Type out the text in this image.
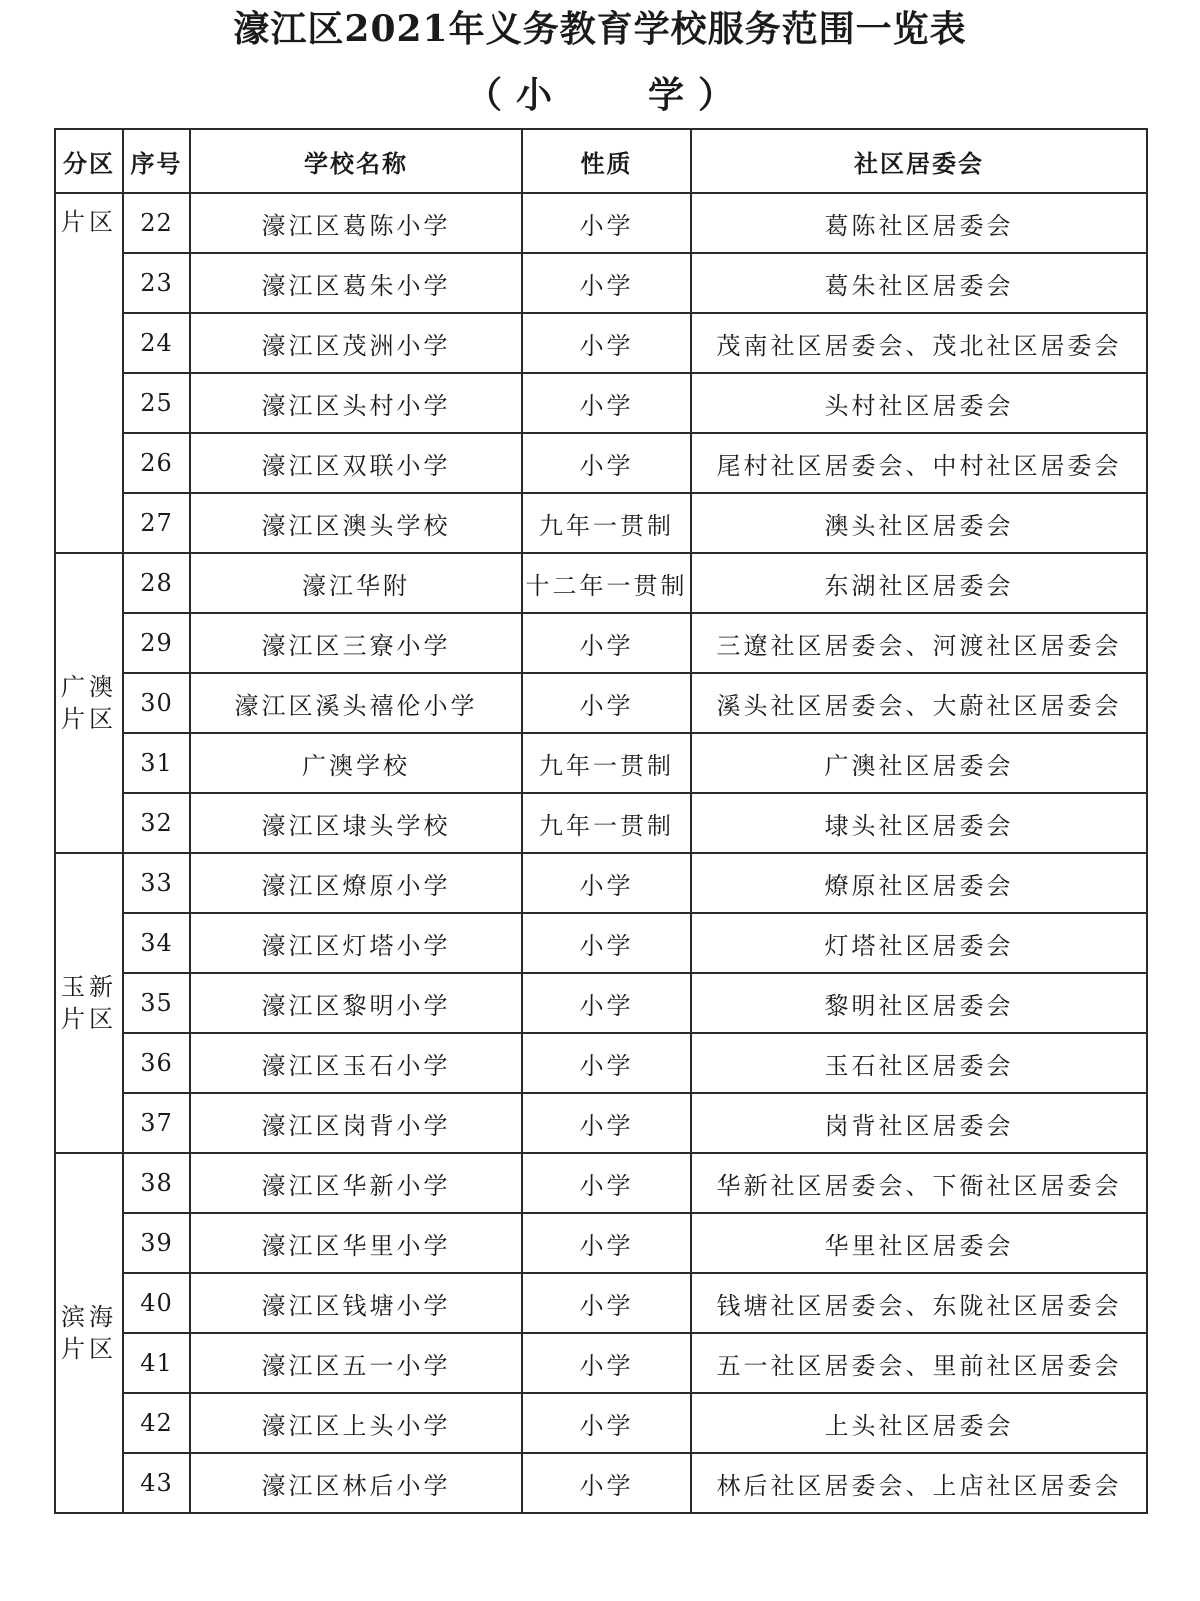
濠江区2021年义务教育学校服务范围一览表
（ 小	学 ）
分区	序号	学校名称	性质	社区居委会
片区	22	濠江区葛陈小学	小学	葛陈社区居委会
	23	濠江区葛朱小学	小学	葛朱社区居委会
	24	濠江区茂洲小学	小学	茂南社区居委会、茂北社区居委会
	25	濠江区头村小学	小学	头村社区居委会
	26	濠江区双联小学	小学	尾村社区居委会、中村社区居委会
	27	濠江区澳头学校	九年一贯制	澳头社区居委会
广澳片区	28	濠江华附	十二年一贯制	东湖社区居委会
	29	濠江区三寮小学	小学	三遼社区居委会、河渡社区居委会
	30	濠江区溪头禧伦小学	小学	溪头社区居委会、大蔚社区居委会
	31	广澳学校	九年一贯制	广澳社区居委会
	32	濠江区埭头学校	九年一贯制	埭头社区居委会
玉新片区	33	濠江区燎原小学	小学	燎原社区居委会
	34	濠江区灯塔小学	小学	灯塔社区居委会
	35	濠江区黎明小学	小学	黎明社区居委会
	36	濠江区玉石小学	小学	玉石社区居委会
	37	濠江区岗背小学	小学	岗背社区居委会
滨海片区	38	濠江区华新小学	小学	华新社区居委会、下衙社区居委会
	39	濠江区华里小学	小学	华里社区居委会
	40	濠江区钱塘小学	小学	钱塘社区居委会、东陇社区居委会
	41	濠江区五一小学	小学	五一社区居委会、里前社区居委会
	42	濠江区上头小学	小学	上头社区居委会
	43	濠江区林后小学	小学	林后社区居委会、上店社区居委会
